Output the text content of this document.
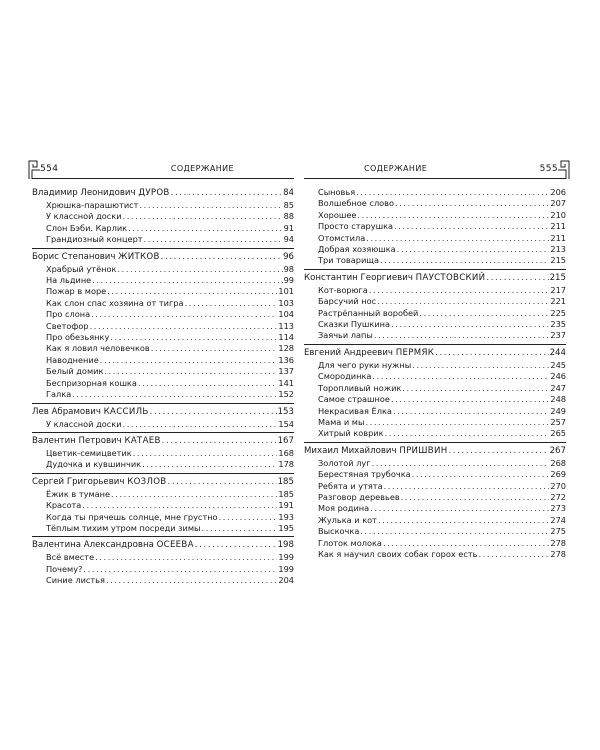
554	СОДЕРЖАНИЕ
Владимир Леонидович ДУРОВ .....	84
Хрюшка-парашютист .....	85
У классной доски .....	88
Слон Бэби. Карлик .....	91
Грандиозный концерт .....	94
Борис Степанович ЖИТКОВ .....	96
Храбрый утёнок .....	98
На льдине .....	99
Пожар в море .....	101
Как слон спас хозяина от тигра .....	103
Про слона .....	104
Светофор .....	113
Про обезьянку .....	114
Как я ловил человечков .....	128
Наводнение .....	136
Белый домик .....	137
Беспризорная кошка .....	141
Галка .....	152
Лев Абрамович КАССИЛЬ .....	153
У классной доски .....	154
Валентин Петрович КАТАЕВ .....	167
Цветик-семицветик .....	168
Дудочка и кувшинчик .....	178
Сергей Григорьевич КОЗЛОВ .....	185
Ёжик в тумане .....	185
Красота .....	191
Когда ты прячешь солнце, мне грустно .....	193
Тёплым тихим утром посреди зимы .....	195
Валентина Александровна ОСЕЕВА .....	198
Всё вместе .....	199
Почему? .....	199
Синие листья .....	204
СОДЕРЖАНИЕ	555
Сыновья .....	206
Волшебное слово .....	207
Хорошее .....	210
Просто старушка .....	211
Отомстила .....	211
Добрая хозяюшка .....	213
Три товарища .....	215
Константин Георгиевич ПАУСТОВСКИЙ .....	215
Кот-ворюга .....	217
Барсучий нос .....	221
Растрёпанный воробей .....	225
Сказки Пушкина .....	235
Заячьи лапы .....	237
Евгений Андреевич ПЕРМЯК .....	244
Для чего руки нужны .....	245
Смородинка .....	246
Торопливый ножик .....	247
Самое страшное .....	248
Некрасивая Ёлка .....	249
Мама и мы .....	257
Хитрый коврик .....	265
Михаил Михайлович ПРИШВИН .....	267
Золотой луг .....	268
Берестяная трубочка .....	269
Ребята и утята .....	270
Разговор деревьев .....	272
Моя родина .....	273
Жулька и кот .....	274
Выскочка .....	275
Глоток молока .....	278
Как я научил своих собак горох есть .....	278
